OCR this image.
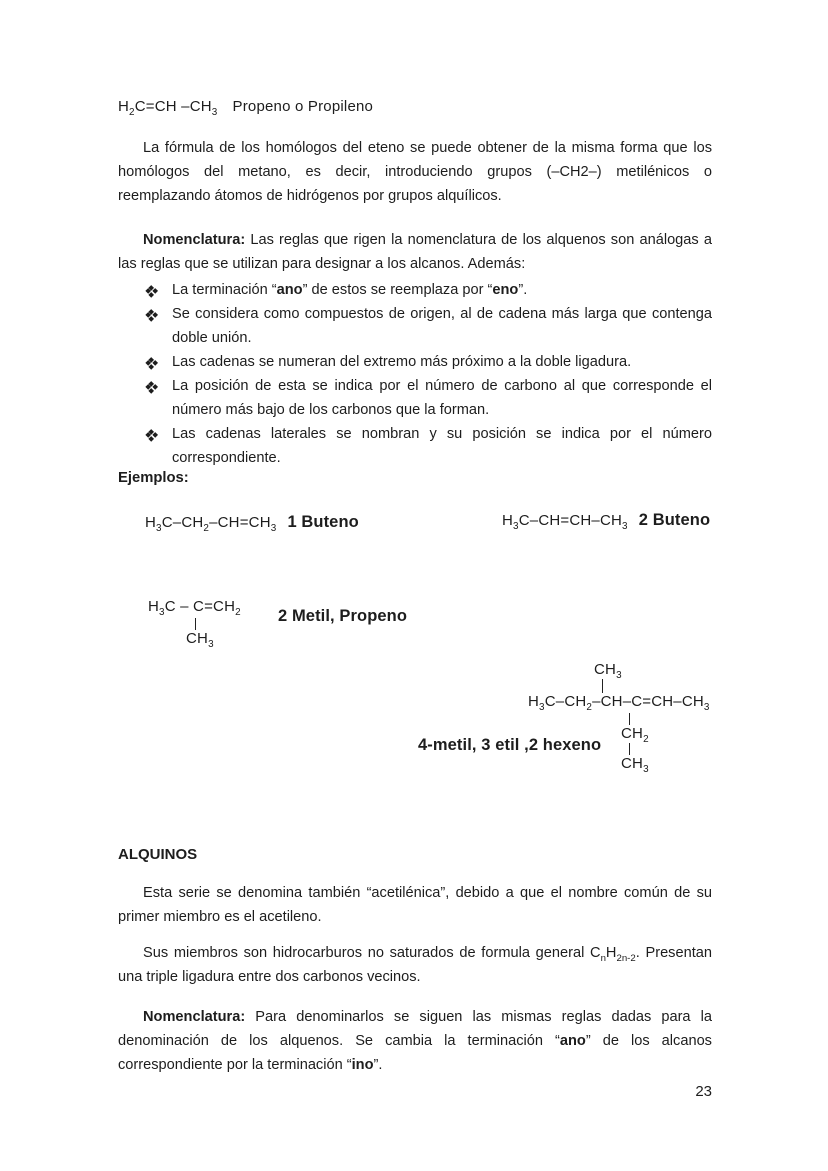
$H_2C=CH$ $-CH_3$ Propeno o Propileno

La fórmula de los homólogos del eteno se puede obtener de la misma forma que los homólogos del metano, es decir, introduciendo grupos (–CH2–) metilénicos o reemplazando átomos de hidrógenos por grupos alquílicos.

Nomenclatura: Las reglas que rigen la nomenclatura de los alquenos son análogas a las reglas que se utilizan para designar a los alcanos. Además:

La terminación “ano” de estos se reemplaza por “eno”.
Se considera como compuestos de origen, al de cadena más larga que contenga doble unión.
Las cadenas se numeran del extremo más próximo a la doble ligadura.
La posición de esta se indica por el número de carbono al que corresponde el número más bajo de los carbonos que la forman.
Las cadenas laterales se nombran y su posición se indica por el número correspondiente.
Ejemplos:
$H_3C-CH_2-CH=CH_3$ 1 Buteno	$H_3C-CH=CH-CH_3$ 2 Buteno
$H_3C - C=CH_2$
$CH_3$
2 Metil, Propeno
$CH_3$
$H_3C-CH_2-CH-C=CH-CH_3$
$CH_2$
$CH_3$
4-metil, 3 etil ,2 hexeno
ALQUINOS

Esta serie se denomina también “acetilénica”, debido a que el nombre común de su primer miembro es el acetileno.

Sus miembros son hidrocarburos no saturados de formula general $C_nH_{2n-2}$. Presentan una triple ligadura entre dos carbonos vecinos.

Nomenclatura: Para denominarlos se siguen las mismas reglas dadas para la denominación de los alquenos. Se cambia la terminación “ano” de los alcanos correspondiente por la terminación “ino”.

23
